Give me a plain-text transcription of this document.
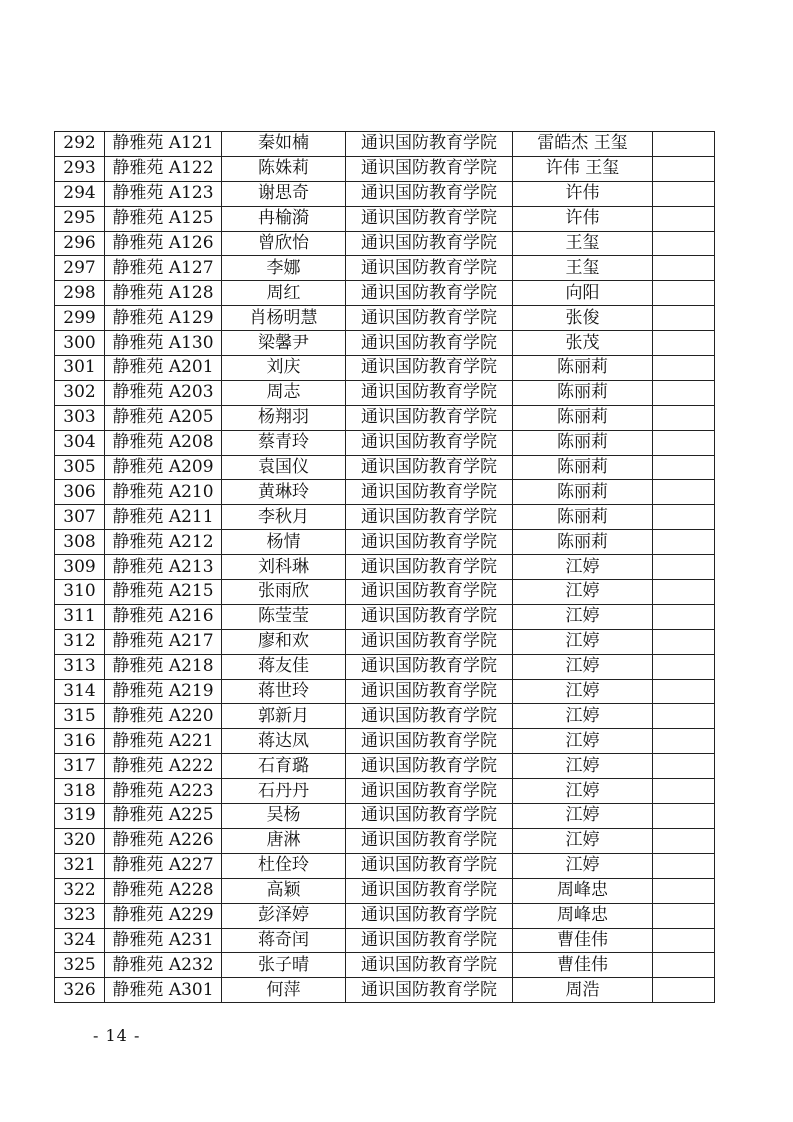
292	静雅苑 A121	秦如楠	通识国防教育学院	雷皓杰 王玺	
293	静雅苑 A122	陈姝莉	通识国防教育学院	许伟 王玺	
294	静雅苑 A123	谢思奇	通识国防教育学院	许伟	
295	静雅苑 A125	冉榆漪	通识国防教育学院	许伟	
296	静雅苑 A126	曾欣怡	通识国防教育学院	王玺	
297	静雅苑 A127	李娜	通识国防教育学院	王玺	
298	静雅苑 A128	周红	通识国防教育学院	向阳	
299	静雅苑 A129	肖杨明慧	通识国防教育学院	张俊	
300	静雅苑 A130	梁馨尹	通识国防教育学院	张茂	
301	静雅苑 A201	刘庆	通识国防教育学院	陈丽莉	
302	静雅苑 A203	周志	通识国防教育学院	陈丽莉	
303	静雅苑 A205	杨翔羽	通识国防教育学院	陈丽莉	
304	静雅苑 A208	蔡青玲	通识国防教育学院	陈丽莉	
305	静雅苑 A209	袁国仪	通识国防教育学院	陈丽莉	
306	静雅苑 A210	黄琳玲	通识国防教育学院	陈丽莉	
307	静雅苑 A211	李秋月	通识国防教育学院	陈丽莉	
308	静雅苑 A212	杨情	通识国防教育学院	陈丽莉	
309	静雅苑 A213	刘科琳	通识国防教育学院	江婷	
310	静雅苑 A215	张雨欣	通识国防教育学院	江婷	
311	静雅苑 A216	陈莹莹	通识国防教育学院	江婷	
312	静雅苑 A217	廖和欢	通识国防教育学院	江婷	
313	静雅苑 A218	蒋友佳	通识国防教育学院	江婷	
314	静雅苑 A219	蒋世玲	通识国防教育学院	江婷	
315	静雅苑 A220	郭新月	通识国防教育学院	江婷	
316	静雅苑 A221	蒋达凤	通识国防教育学院	江婷	
317	静雅苑 A222	石育璐	通识国防教育学院	江婷	
318	静雅苑 A223	石丹丹	通识国防教育学院	江婷	
319	静雅苑 A225	吴杨	通识国防教育学院	江婷	
320	静雅苑 A226	唐淋	通识国防教育学院	江婷	
321	静雅苑 A227	杜佺玲	通识国防教育学院	江婷	
322	静雅苑 A228	高颖	通识国防教育学院	周峰忠	
323	静雅苑 A229	彭泽婷	通识国防教育学院	周峰忠	
324	静雅苑 A231	蒋奇闰	通识国防教育学院	曹佳伟	
325	静雅苑 A232	张子晴	通识国防教育学院	曹佳伟	
326	静雅苑 A301	何萍	通识国防教育学院	周浩	
- 14 -
